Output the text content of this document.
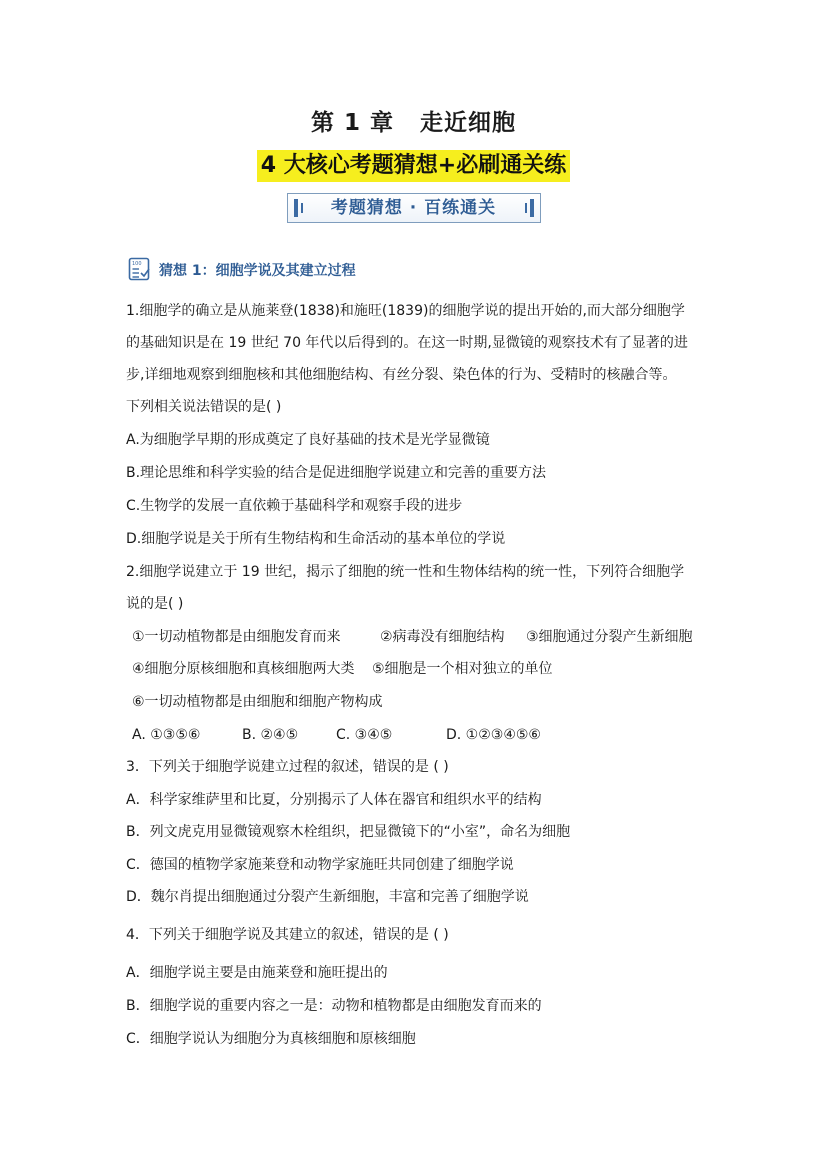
第 1 章 走近细胞
4 大核心考题猜想+必刷通关练
考题猜想 · 百练通关
100 猜想 1：细胞学说及其建立过程
1.细胞学的确立是从施莱登(1838)和施旺(1839)的细胞学说的提出开始的,而大部分细胞学
的基础知识是在 19 世纪 70 年代以后得到的。在这一时期,显微镜的观察技术有了显著的进
步,详细地观察到细胞核和其他细胞结构、有丝分裂、染色体的行为、受精时的核融合等。
下列相关说法错误的是( )
A.为细胞学早期的形成奠定了良好基础的技术是光学显微镜
B.理论思维和科学实验的结合是促进细胞学说建立和完善的重要方法
C.生物学的发展一直依赖于基础科学和观察手段的进步
D.细胞学说是关于所有生物结构和生命活动的基本单位的学说
2.细胞学说建立于 19 世纪，揭示了细胞的统一性和生物体结构的统一性，下列符合细胞学
说的是( )
①一切动植物都是由细胞发育而来	②病毒没有细胞结构 ③细胞通过分裂产生新细胞
④细胞分原核细胞和真核细胞两大类 ⑤细胞是一个相对独立的单位
⑥一切动植物都是由细胞和细胞产物构成
A. ①③⑤⑥	B. ②④⑤	C. ③④⑤	D. ①②③④⑤⑥
3．下列关于细胞学说建立过程的叙述，错误的是 ( )
A．科学家维萨里和比夏，分别揭示了人体在器官和组织水平的结构
B．列文虎克用显微镜观察木栓组织，把显微镜下的“小室”，命名为细胞
C．德国的植物学家施莱登和动物学家施旺共同创建了细胞学说
D．魏尔肖提出细胞通过分裂产生新细胞，丰富和完善了细胞学说
4．下列关于细胞学说及其建立的叙述，错误的是 ( )
A．细胞学说主要是由施莱登和施旺提出的
B．细胞学说的重要内容之一是：动物和植物都是由细胞发育而来的
C．细胞学说认为细胞分为真核细胞和原核细胞
